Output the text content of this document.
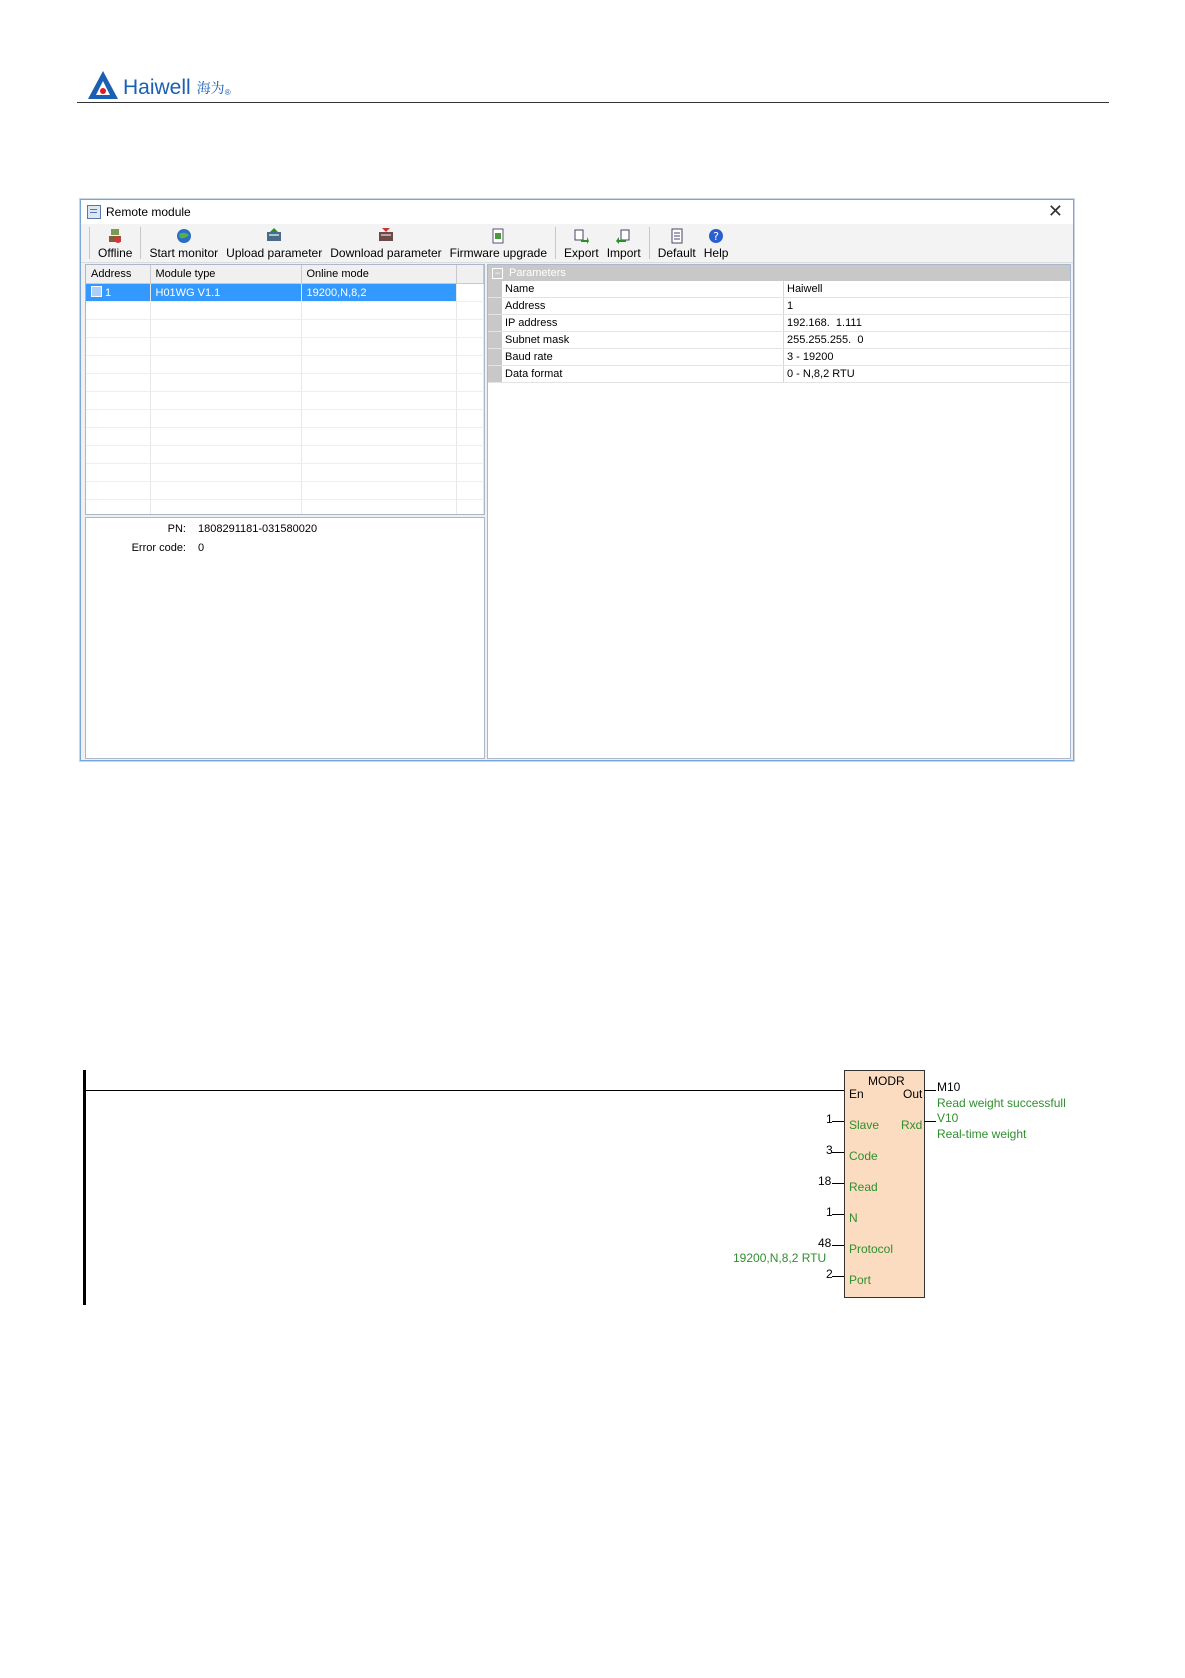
Haiwell 海为 ®
Remote module	✕
Offline Start monitor Upload parameter Download parameter Firmware upgrade Export Import Default
?
Help
Address	Module type	Online mode	
1	H01WG V1.1	19200,N,8,2	

PN:	1808291181-031580020
Error code:	0
− Parameters
Name	Haiwell
Address	1
IP address	192.168.  1.111
Subnet mask	255.255.255.  0
Baud rate	3 - 19200
Data format	0 - N,8,2 RTU
MODR
En	Out
Rxd
M10
Read weight successfull
V10
Real-time weight
1 Slave
3 Code
18 Read
1 N
48
19200,N,8,2 RTU
Protocol
2 Port
